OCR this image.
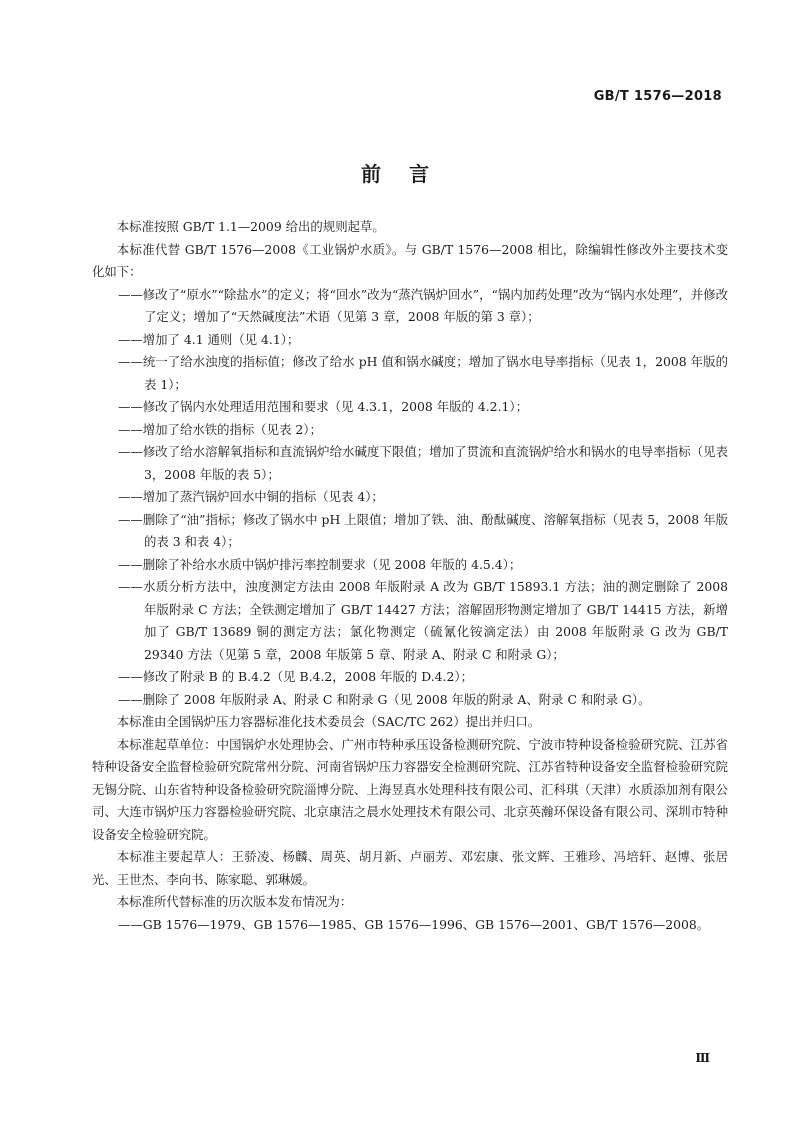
GB/T 1576—2018
前言

本标准按照 GB/T 1.1—2009 给出的规则起草。

本标准代替 GB/T 1576—2008《工业锅炉水质》。与 GB/T 1576—2008 相比，除编辑性修改外主要技术变化如下：

——修改了“原水”“除盐水”的定义；将“回水”改为“蒸汽锅炉回水”，“锅内加药处理”改为“锅内水处理”，并修改了定义；增加了“天然碱度法”术语（见第 3 章，2008 年版的第 3 章）；

——增加了 4.1 通则（见 4.1）；

——统一了给水浊度的指标值；修改了给水 pH 值和锅水碱度；增加了锅水电导率指标（见表 1，2008 年版的表 1）；

——修改了锅内水处理适用范围和要求（见 4.3.1，2008 年版的 4.2.1）；

——增加了给水铁的指标（见表 2）；

——修改了给水溶解氧指标和直流锅炉给水碱度下限值；增加了贯流和直流锅炉给水和锅水的电导率指标（见表 3，2008 年版的表 5）；

——增加了蒸汽锅炉回水中铜的指标（见表 4）；

——删除了“油”指标；修改了锅水中 pH 上限值；增加了铁、油、酚酞碱度、溶解氧指标（见表 5，2008 年版的表 3 和表 4）；

——删除了补给水水质中锅炉排污率控制要求（见 2008 年版的 4.5.4）；

——水质分析方法中，浊度测定方法由 2008 年版附录 A 改为 GB/T 15893.1 方法；油的测定删除了 2008 年版附录 C 方法；全铁测定增加了 GB/T 14427 方法；溶解固形物测定增加了 GB/T 14415 方法，新增加了 GB/T 13689 铜的测定方法；氯化物测定（硫氰化铵滴定法）由 2008 年版附录 G 改为 GB/T 29340 方法（见第 5 章，2008 年版第 5 章、附录 A、附录 C 和附录 G）；

——修改了附录 B 的 B.4.2（见 B.4.2，2008 年版的 D.4.2）；

——删除了 2008 年版附录 A、附录 C 和附录 G（见 2008 年版的附录 A、附录 C 和附录 G）。

本标准由全国锅炉压力容器标准化技术委员会（SAC/TC 262）提出并归口。

本标准起草单位：中国锅炉水处理协会、广州市特种承压设备检测研究院、宁波市特种设备检验研究院、江苏省特种设备安全监督检验研究院常州分院、河南省锅炉压力容器安全检测研究院、江苏省特种设备安全监督检验研究院无锡分院、山东省特种设备检验研究院淄博分院、上海昱真水处理科技有限公司、汇科琪（天津）水质添加剂有限公司、大连市锅炉压力容器检验研究院、北京康洁之晨水处理技术有限公司、北京英瀚环保设备有限公司、深圳市特种设备安全检验研究院。

本标准主要起草人：王骄凌、杨麟、周英、胡月新、卢丽芳、邓宏康、张文辉、王雅珍、冯培轩、赵博、张居光、王世杰、李向书、陈家聪、郭琳媛。

本标准所代替标准的历次版本发布情况为：

——GB 1576—1979、GB 1576—1985、GB 1576—1996、GB 1576—2001、GB/T 1576—2008。

Ⅲ
